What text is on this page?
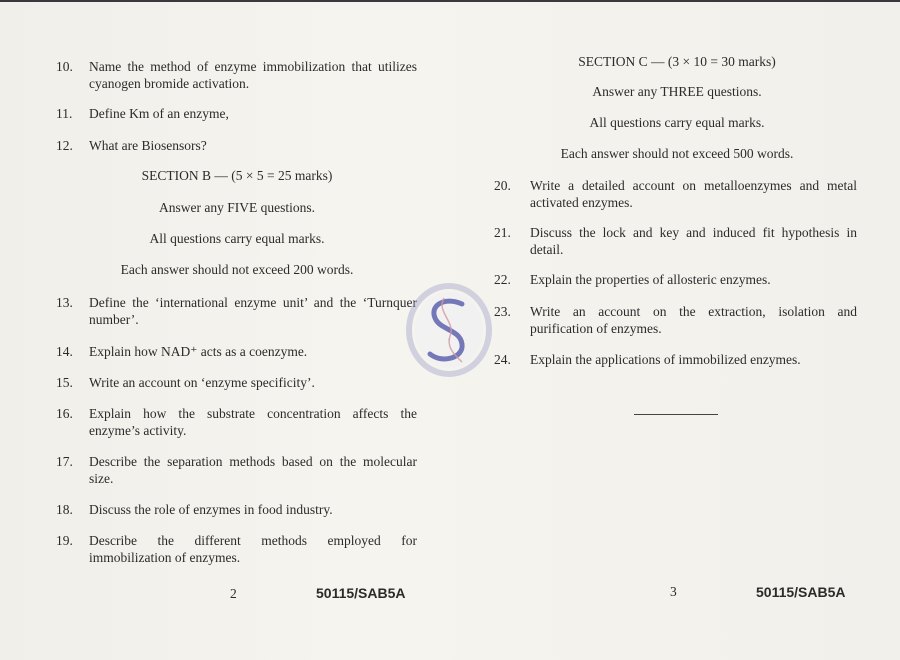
10. Name the method of enzyme immobilization that utilizes cyanogen bromide activation.
11. Define Km of an enzyme,
12. What are Biosensors?
SECTION B — (5 × 5 = 25 marks)
Answer any FIVE questions.
All questions carry equal marks.
Each answer should not exceed 200 words.
13. Define the ‘international enzyme unit’ and the ‘Turnquer number’.
14. Explain how NAD⁺ acts as a coenzyme.
15. Write an account on ‘enzyme specificity’.
16. Explain how the substrate concentration affects the enzyme’s activity.
17. Describe the separation methods based on the molecular size.
18. Discuss the role of enzymes in food industry.
19. Describe the different methods employed for immobilization of enzymes.
2	50115/SAB5A
S
SECTION C — (3 × 10 = 30 marks)
Answer any THREE questions.
All questions carry equal marks.
Each answer should not exceed 500 words.
20. Write a detailed account on metalloenzymes and metal activated enzymes.
21. Discuss the lock and key and induced fit hypothesis in detail.
22. Explain the properties of allosteric enzymes.
23. Write an account on the extraction, isolation and purification of enzymes.
24. Explain the applications of immobilized enzymes.
3	50115/SAB5A
